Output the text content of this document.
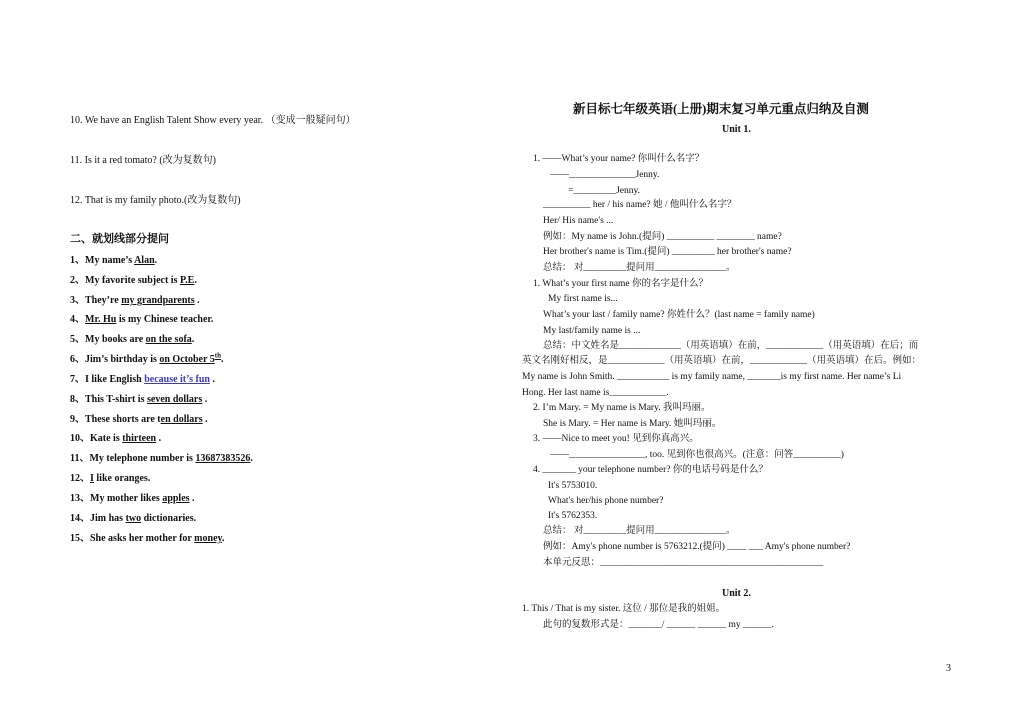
10. We have an English Talent Show every year. （变成一般疑问句）
11. Is it a red tomato? (改为复数句)
12. That is my family photo.(改为复数句)
二、就划线部分提问
1、My name’s Alan.
2、My favorite subject is P.E.
3、They’re my grandparents .
4、Mr. Hu is my Chinese teacher.
5、My books are on the sofa.
6、Jim’s birthday is on October 5th.
7、I like English because it’s fun .
8、This T-shirt is seven dollars .
9、These shorts are ten dollars .
10、Kate is thirteen .
11、My telephone number is 13687383526.
12、I like oranges.
13、My mother likes apples .
14、Jim has two dictionaries.
15、She asks her mother for money.
新目标七年级英语(上册)期末复习单元重点归纳及自测
Unit 1.
1. ――What’s your name? 你叫什么名字？
――______________Jenny.
=_________Jenny.
__________ her / his name? 她 / 他叫什么名字？
Her/ His name's ...
例如：My name is John.(提问) __________ ________ name?
Her brother's name is Tim.(提问) _________ her brother's name?
总结： 对_________提问用_______________。
1. What’s your first name 你的名字是什么？
My first name is...
What’s your last / family name? 你姓什么？(last name = family name)
My last/family name is ...
总结：中文姓名是_____________（用英语填）在前，____________（用英语填）在后；而
英文名刚好相反，是____________（用英语填）在前，____________（用英语填）在后。例如：
My name is John Smith. ___________ is my family name, _______is my first name. Her name’s Li
Hong. Her last name is____________.
2. I’m Mary. = My name is Mary. 我叫玛丽。
She is Mary. = Her name is Mary. 她叫玛丽。
3. ――Nice to meet you! 见到你真高兴。
――________________, too. 见到你也很高兴。(注意：问答__________)
4. _______ your telephone number? 你的电话号码是什么？
It's 5753010.
What's her/his phone number?
It's 5762353.
总结： 对_________提问用_______________。
例如：Amy's phone number is 5763212.(提问) ____ ___ Amy's phone number?
本单元反思：_______________________________________________
1. This / That is my sister. 这位 / 那位是我的姐姐。
此句的复数形式是：_______/ ______ ______ my ______.
Unit 2.
3
